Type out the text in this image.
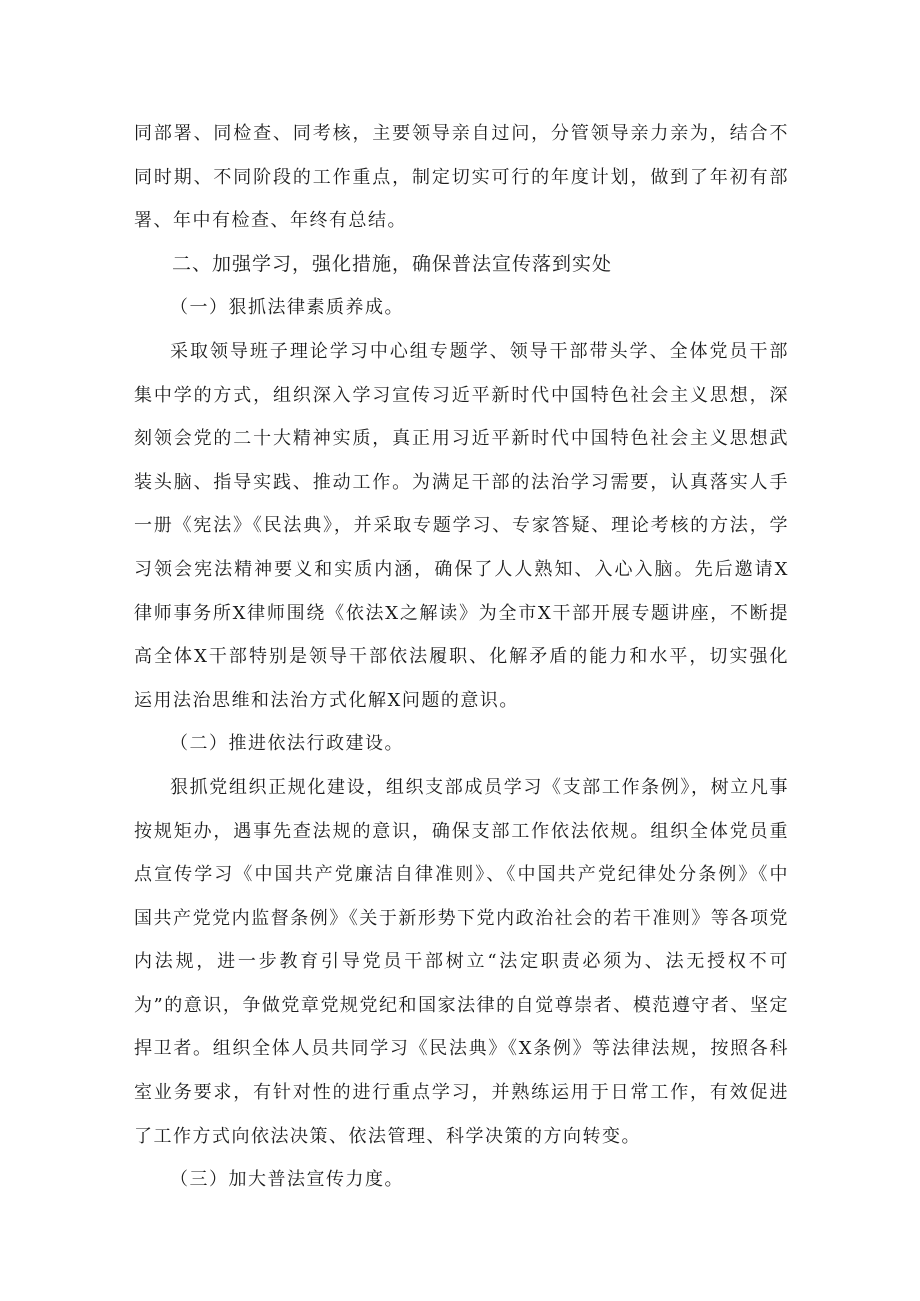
同部署、同检查、同考核，主要领导亲自过问，分管领导亲力亲为，结合不同时期、不同阶段的工作重点，制定切实可行的年度计划，做到了年初有部署、年中有检查、年终有总结。

二、加强学习，强化措施，确保普法宣传落到实处

（一）狠抓法律素质养成。

采取领导班子理论学习中心组专题学、领导干部带头学、全体党员干部集中学的方式，组织深入学习宣传习近平新时代中国特色社会主义思想，深刻领会党的二十大精神实质，真正用习近平新时代中国特色社会主义思想武装头脑、指导实践、推动工作。为满足干部的法治学习需要，认真落实人手一册《宪法》《民法典》，并采取专题学习、专家答疑、理论考核的方法，学习领会宪法精神要义和实质内涵，确保了人人熟知、入心入脑。先后邀请X律师事务所X律师围绕《依法X之解读》为全市X干部开展专题讲座，不断提高全体X干部特别是领导干部依法履职、化解矛盾的能力和水平，切实强化运用法治思维和法治方式化解X问题的意识。

（二）推进依法行政建设。

狠抓党组织正规化建设，组织支部成员学习《支部工作条例》，树立凡事按规矩办，遇事先查法规的意识，确保支部工作依法依规。组织全体党员重点宣传学习《中国共产党廉洁自律准则》、《中国共产党纪律处分条例》《中国共产党党内监督条例》《关于新形势下党内政治社会的若干准则》等各项党内法规，进一步教育引导党员干部树立“法定职责必须为、法无授权不可为”的意识，争做党章党规党纪和国家法律的自觉尊崇者、模范遵守者、坚定捍卫者。组织全体人员共同学习《民法典》《X条例》等法律法规，按照各科室业务要求，有针对性的进行重点学习，并熟练运用于日常工作，有效促进了工作方式向依法决策、依法管理、科学决策的方向转变。

（三）加大普法宣传力度。
